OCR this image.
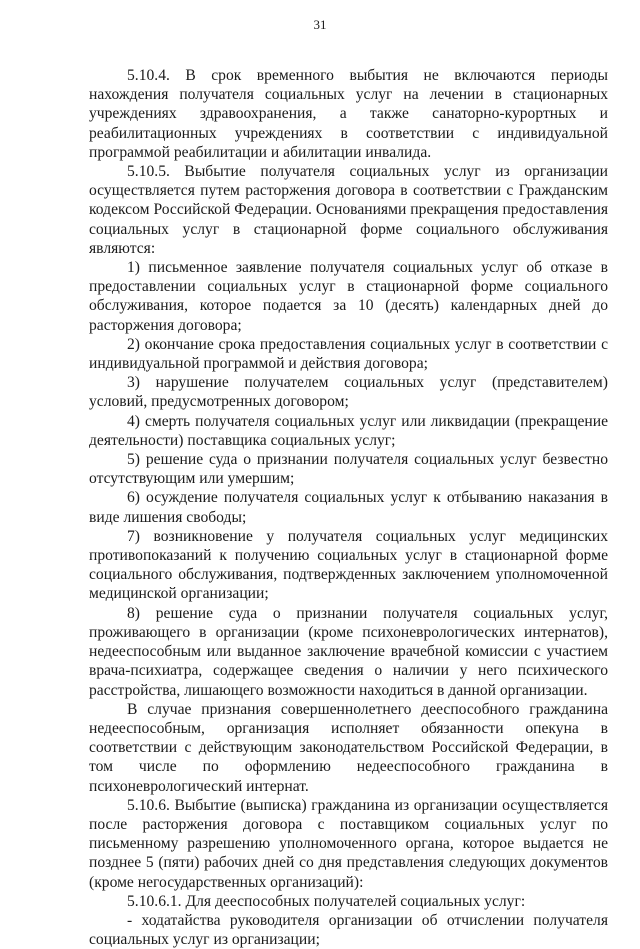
31

5.10.4. В срок временного выбытия не включаются периоды нахождения получателя социальных услуг на лечении в стационарных учреждениях здравоохранения, а также санаторно-курортных и реабилитационных учреждениях в соответствии с индивидуальной программой реабилитации и абилитации инвалида.

5.10.5. Выбытие получателя социальных услуг из организации осуществляется путем расторжения договора в соответствии с Гражданским кодексом Российской Федерации. Основаниями прекращения предоставления социальных услуг в стационарной форме социального обслуживания являются:

1) письменное заявление получателя социальных услуг об отказе в предоставлении социальных услуг в стационарной форме социального обслуживания, которое подается за 10 (десять) календарных дней до расторжения договора;

2) окончание срока предоставления социальных услуг в соответствии с индивидуальной программой и действия договора;

3) нарушение получателем социальных услуг (представителем) условий, предусмотренных договором;

4) смерть получателя социальных услуг или ликвидации (прекращение деятельности) поставщика социальных услуг;

5) решение суда о признании получателя социальных услуг безвестно отсутствующим или умершим;

6) осуждение получателя социальных услуг к отбыванию наказания в виде лишения свободы;

7) возникновение у получателя социальных услуг медицинских противопоказаний к получению социальных услуг в стационарной форме социального обслуживания, подтвержденных заключением уполномоченной медицинской организации;

8) решение суда о признании получателя социальных услуг, проживающего в организации (кроме психоневрологических интернатов), недееспособным или выданное заключение врачебной комиссии с участием врача-психиатра, содержащее сведения о наличии у него психического расстройства, лишающего возможности находиться в данной организации.

В случае признания совершеннолетнего дееспособного гражданина недееспособным, организация исполняет обязанности опекуна в соответствии с действующим законодательством Российской Федерации, в том числе по оформлению недееспособного гражданина в психоневрологический интернат.

5.10.6. Выбытие (выписка) гражданина из организации осуществляется после расторжения договора с поставщиком социальных услуг по письменному разрешению уполномоченного органа, которое выдается не позднее 5 (пяти) рабочих дней со дня представления следующих документов (кроме негосударственных организаций):

5.10.6.1. Для дееспособных получателей социальных услуг:

- ходатайства руководителя организации об отчислении получателя социальных услуг из организации;
